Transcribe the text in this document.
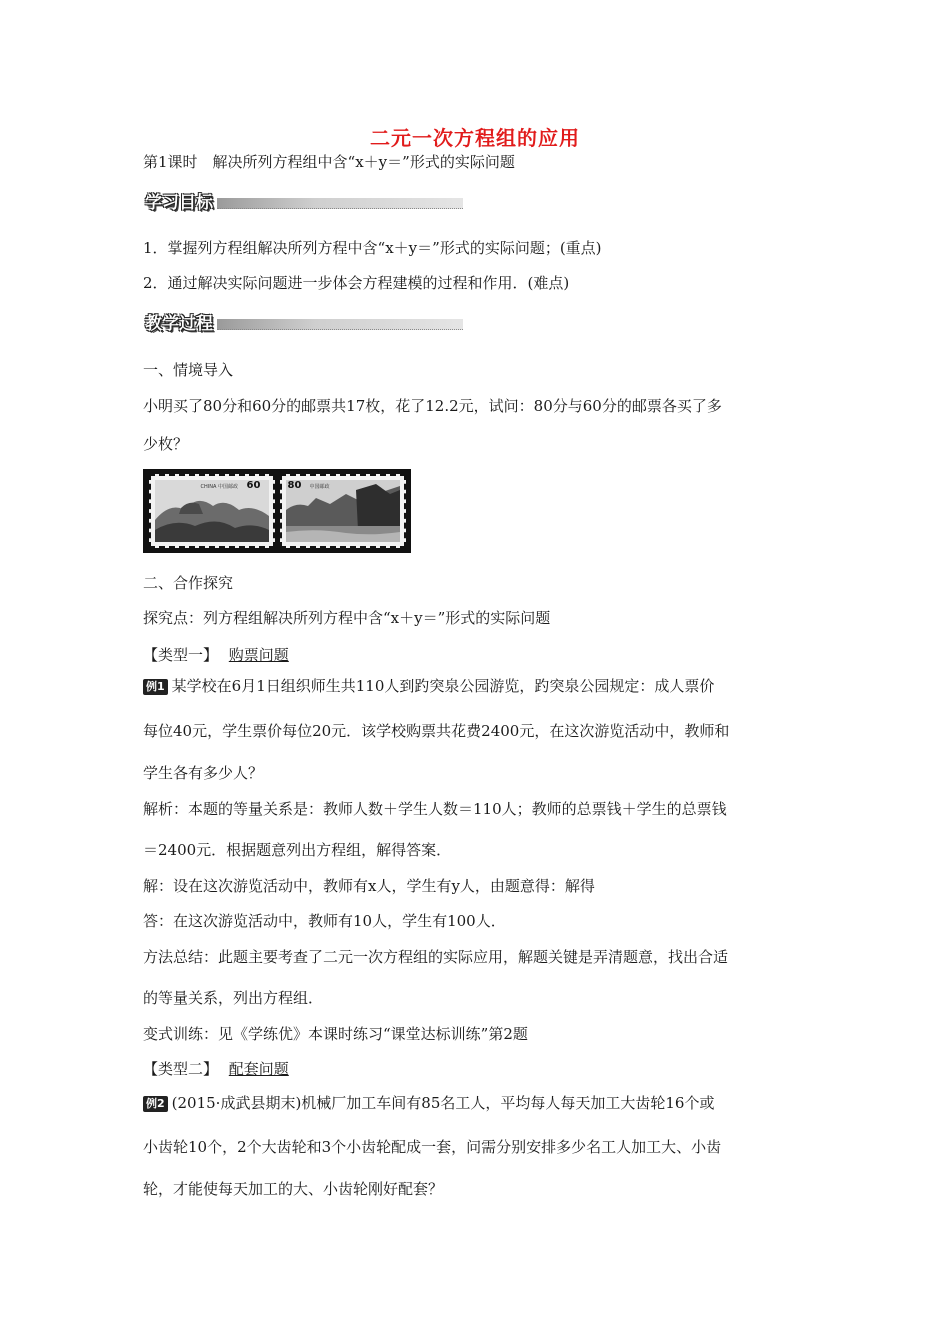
二元一次方程组的应用
第1课时　解决所列方程组中含“x＋y＝”形式的实际问题
学习目标
1．掌握列方程组解决所列方程中含“x＋y＝”形式的实际问题；(重点)
2．通过解决实际问题进一步体会方程建模的过程和作用．(难点)
教学过程
一、情境导入
小明买了80分和60分的邮票共17枚，花了12.2元，试问：80分与60分的邮票各买了多
少枚？
CHINA 中国邮政 60	80 中国邮政
二、合作探究
探究点：列方程组解决所列方程中含“x＋y＝”形式的实际问题
【类型一】 购票问题
例1 某学校在6月1日组织师生共110人到趵突泉公园游览，趵突泉公园规定：成人票价
每位40元，学生票价每位20元．该学校购票共花费2400元，在这次游览活动中，教师和
学生各有多少人？
解析：本题的等量关系是：教师人数＋学生人数＝110人；教师的总票钱＋学生的总票钱
＝2400元．根据题意列出方程组，解得答案．
解：设在这次游览活动中，教师有x人，学生有y人，由题意得：解得
答：在这次游览活动中，教师有10人，学生有100人．
方法总结：此题主要考查了二元一次方程组的实际应用，解题关键是弄清题意，找出合适
的等量关系，列出方程组．
变式训练：见《学练优》本课时练习“课堂达标训练”第2题
【类型二】 配套问题
例2 (2015·成武县期末)机械厂加工车间有85名工人，平均每人每天加工大齿轮16个或
小齿轮10个，2个大齿轮和3个小齿轮配成一套，问需分别安排多少名工人加工大、小齿
轮，才能使每天加工的大、小齿轮刚好配套？
